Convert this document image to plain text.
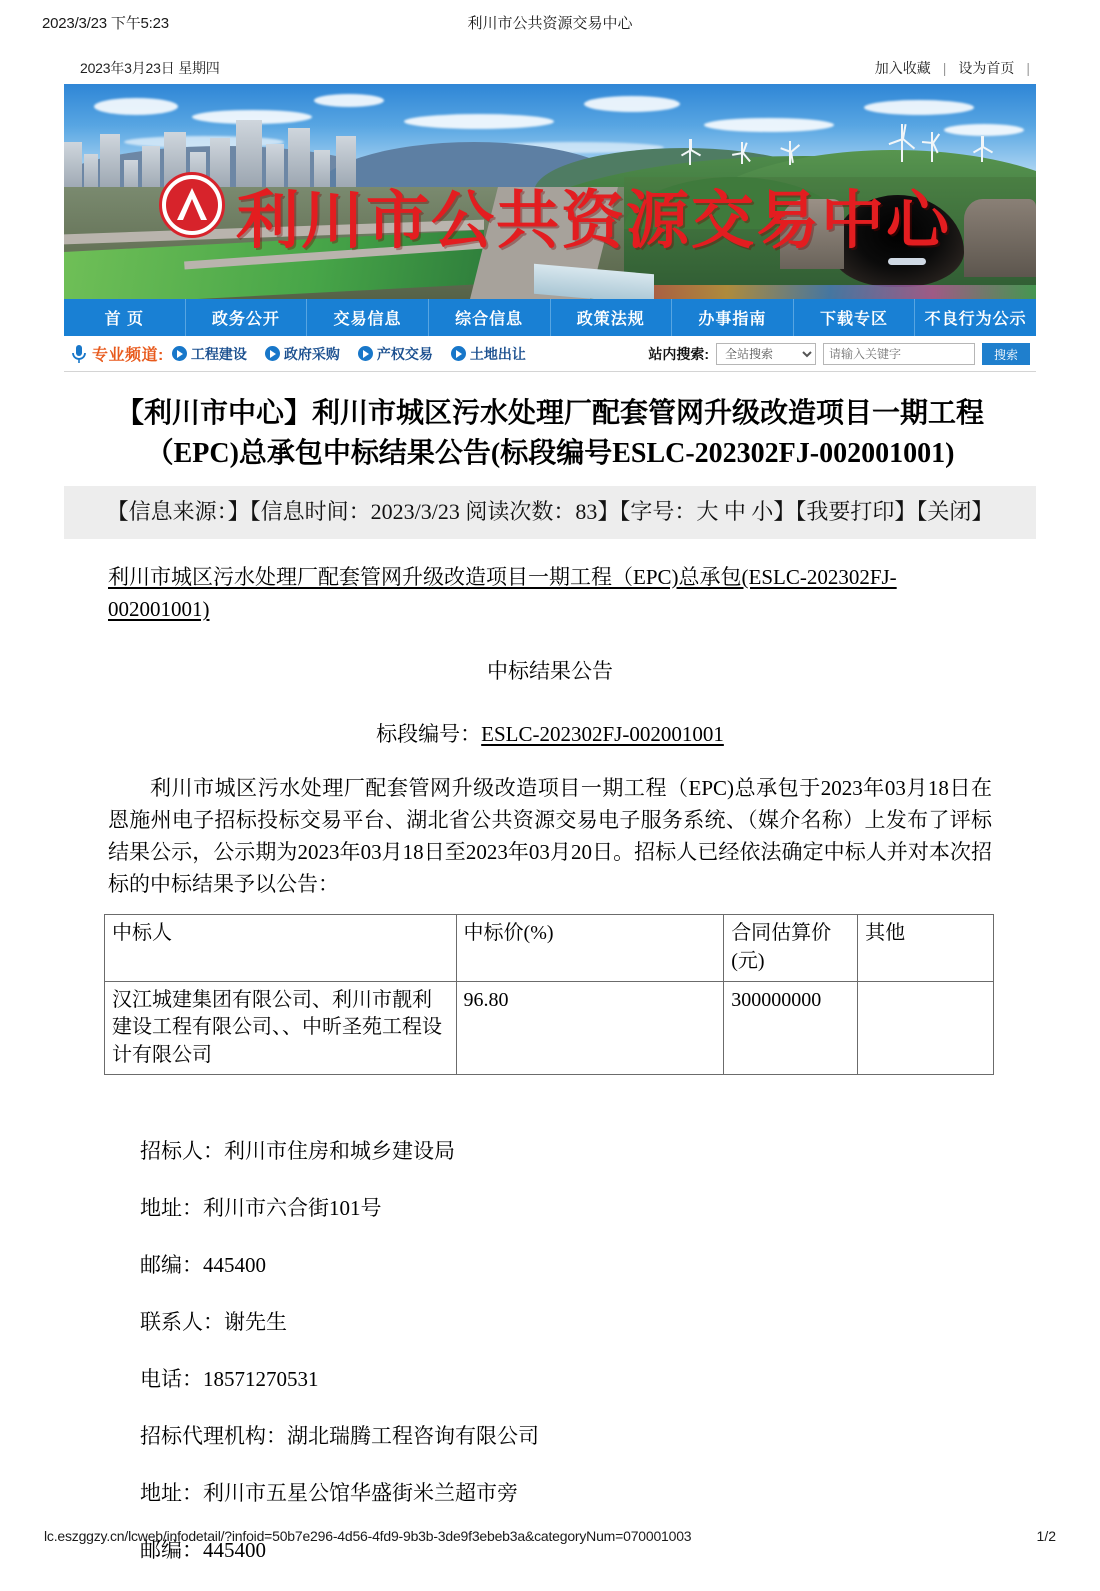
2023/3/23 下午5:23	利川市公共资源交易中心
2023年3月23日 星期四	加入收藏 | 设为首页 |
利川市公共资源交易中心
首 页	政务公开	交易信息	综合信息	政策法规	办事指南	下载专区	不良行为公示
专业频道: 工程建设	政府采购	产权交易	土地出让	站内搜索:
全站搜索
请输入关键字	搜索
【利川市中心】利川市城区污水处理厂配套管网升级改造项目一期工程
（EPC)总承包中标结果公告(标段编号ESLC-202302FJ-002001001)
【信息来源：】【信息时间：2023/3/23 阅读次数：83】【字号：大 中 小】【我要打印】【关闭】
利川市城区污水处理厂配套管网升级改造项目一期工程（EPC)总承包(ESLC-202302FJ-002001001)
中标结果公告
标段编号：ESLC-202302FJ-002001001
利川市城区污水处理厂配套管网升级改造项目一期工程（EPC)总承包于2023年03月18日在恩施州电子招标投标交易平台、湖北省公共资源交易电子服务系统、（媒介名称）上发布了评标结果公示，公示期为2023年03月18日至2023年03月20日。招标人已经依法确定中标人并对本次招标的中标结果予以公告：
中标人	中标价(%)	合同估算价(元)	其他
汉江城建集团有限公司、利川市靓利建设工程有限公司、、中昕圣苑工程设计有限公司	96.80	300000000	
招标人：利川市住房和城乡建设局
地址：利川市六合街101号
邮编：445400
联系人：谢先生
电话：18571270531
招标代理机构：湖北瑞腾工程咨询有限公司
地址：利川市五星公馆华盛街米兰超市旁
邮编：445400
lc.eszggzy.cn/lcweb/infodetail/?infoid=50b7e296-4d56-4fd9-9b3b-3de9f3ebeb3a&categoryNum=070001003	1/2
